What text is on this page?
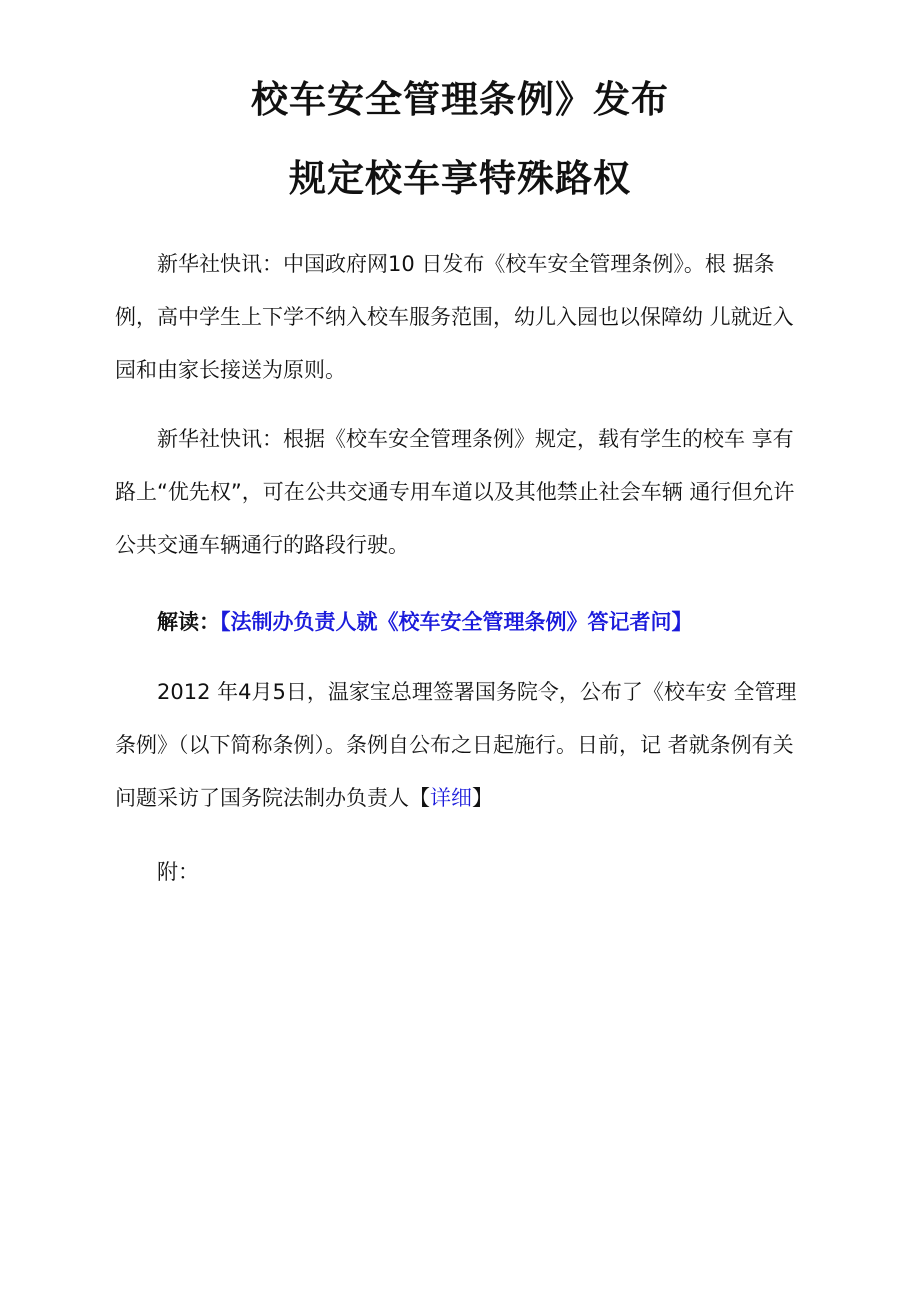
校车安全管理条例》发布
规定校车享特殊路权

新华社快讯：中国政府网10 日发布《校车安全管理条例》。根 据条例，高中学生上下学不纳入校车服务范围，幼儿入园也以保障幼 儿就近入园和由家长接送为原则。

新华社快讯：根据《校车安全管理条例》规定，载有学生的校车 享有路上“优先权”，可在公共交通专用车道以及其他禁止社会车辆 通行但允许公共交通车辆通行的路段行驶。

解读：【法制办负责人就《校车安全管理条例》答记者问】

2012 年4月5日，温家宝总理签署国务院令，公布了《校车安 全管理条例》（以下简称条例）。条例自公布之日起施行。日前，记 者就条例有关问题采访了国务院法制办负责人【详细】

附：
